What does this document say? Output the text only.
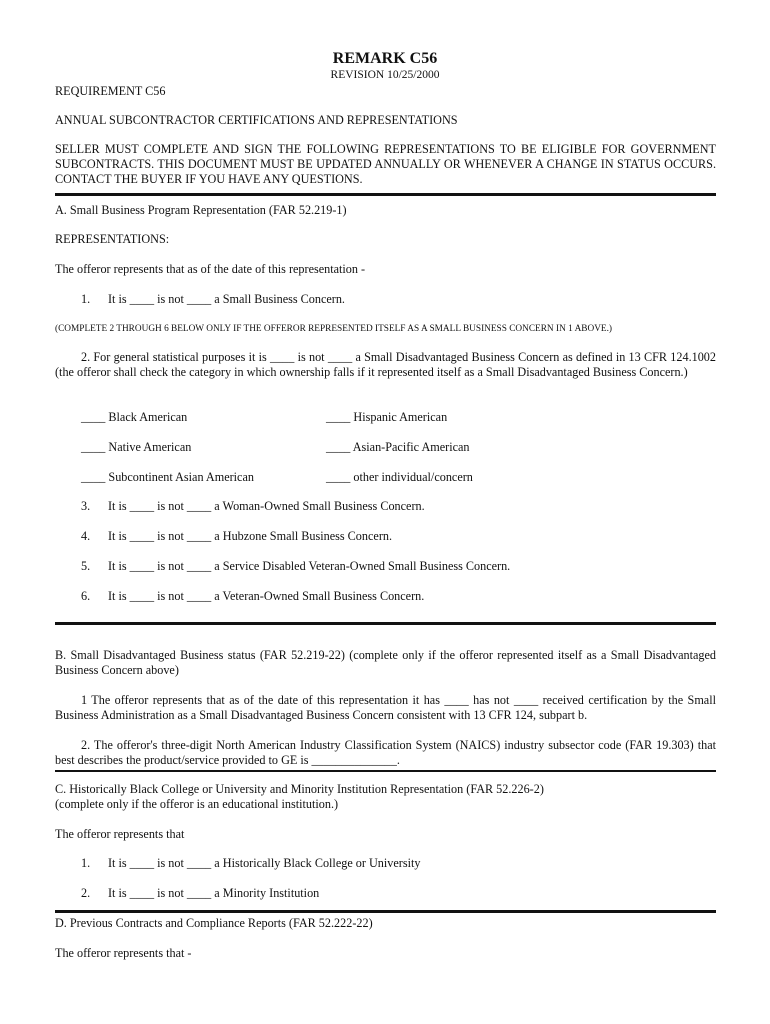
REMARK C56
REVISION 10/25/2000
REQUIREMENT C56
ANNUAL SUBCONTRACTOR CERTIFICATIONS AND REPRESENTATIONS
SELLER MUST COMPLETE AND SIGN THE FOLLOWING REPRESENTATIONS TO BE ELIGIBLE FOR GOVERNMENT SUBCONTRACTS. THIS DOCUMENT MUST BE UPDATED ANNUALLY OR WHENEVER A CHANGE IN STATUS OCCURS. CONTACT THE BUYER IF YOU HAVE ANY QUESTIONS.
A. Small Business Program Representation (FAR 52.219-1)
REPRESENTATIONS:
The offeror represents that as of the date of this representation -
1. It is ____ is not ____ a Small Business Concern.
(COMPLETE 2 THROUGH 6 BELOW ONLY IF THE OFFEROR REPRESENTED ITSELF AS A SMALL BUSINESS CONCERN IN 1 ABOVE.)
2. For general statistical purposes it is ____ is not ____ a Small Disadvantaged Business Concern as defined in 13 CFR 124.1002 (the offeror shall check the category in which ownership falls if it represented itself as a Small Disadvantaged Business Concern.)
____ Black American	____ Hispanic American
____ Native American	____ Asian-Pacific American
____ Subcontinent Asian American	____ other individual/concern
3. It is ____ is not ____ a Woman-Owned Small Business Concern.
4. It is ____ is not ____ a Hubzone Small Business Concern.
5. It is ____ is not ____ a Service Disabled Veteran-Owned Small Business Concern.
6. It is ____ is not ____ a Veteran-Owned Small Business Concern.
B. Small Disadvantaged Business status (FAR 52.219-22) (complete only if the offeror represented itself as a Small Disadvantaged Business Concern above)
1 The offeror represents that as of the date of this representation it has ____ has not ____ received certification by the Small Business Administration as a Small Disadvantaged Business Concern consistent with 13 CFR 124, subpart b.
2. The offeror's three-digit North American Industry Classification System (NAICS) industry subsector code (FAR 19.303) that best describes the product/service provided to GE is ______________.
C. Historically Black College or University and Minority Institution Representation (FAR 52.226-2)
(complete only if the offeror is an educational institution.)
The offeror represents that
1. It is ____ is not ____ a Historically Black College or University
2. It is ____ is not ____ a Minority Institution
D. Previous Contracts and Compliance Reports (FAR 52.222-22)
The offeror represents that -
